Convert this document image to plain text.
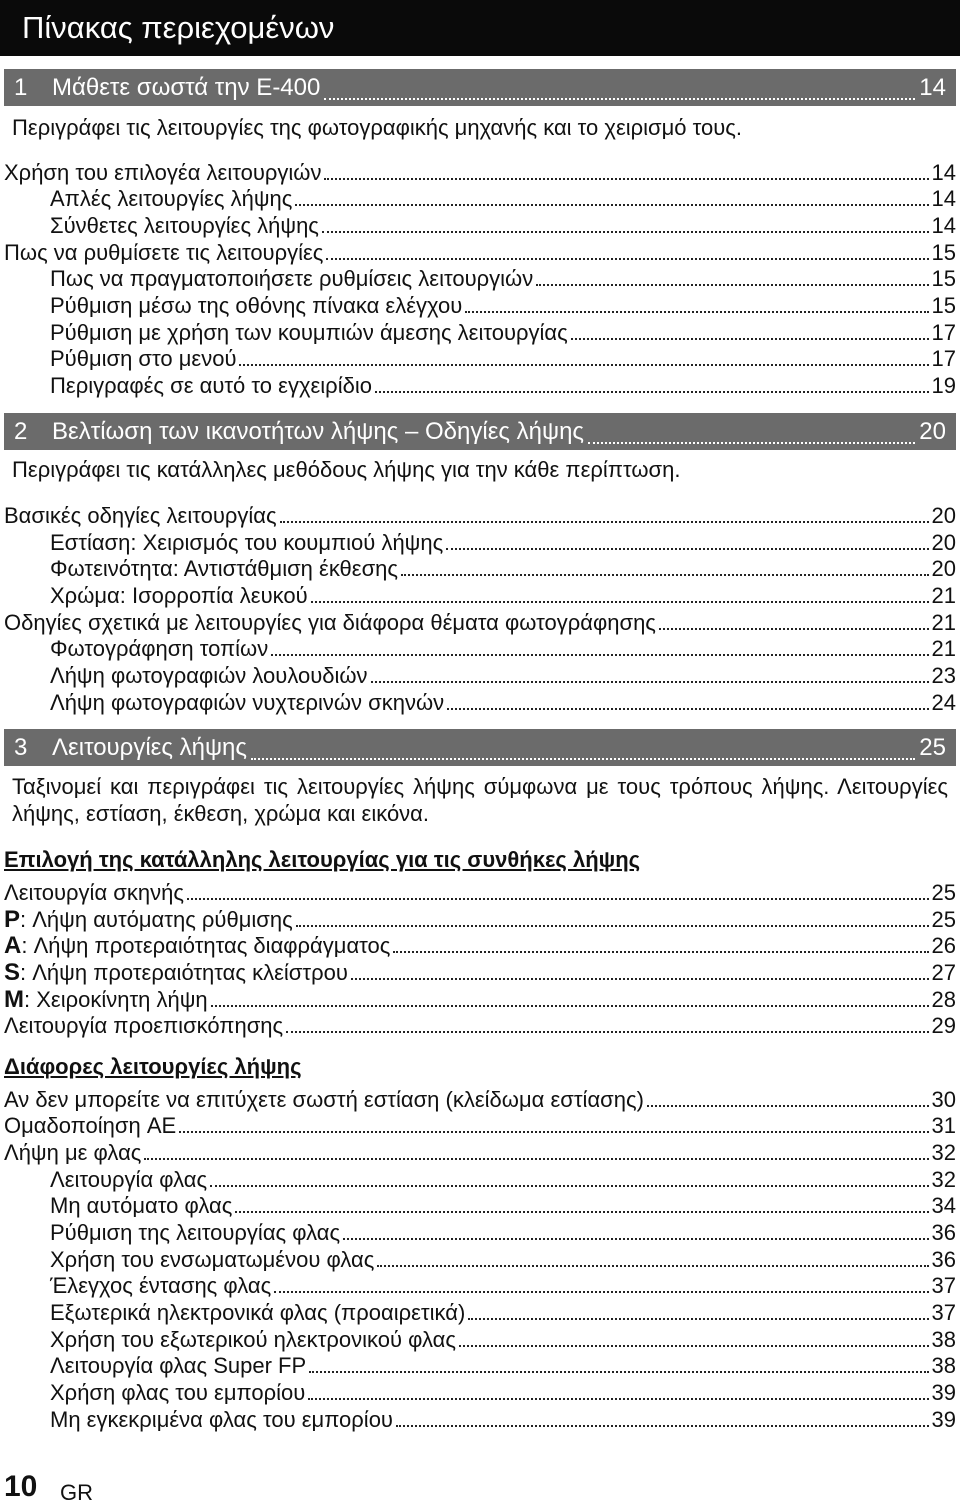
Πίνακας περιεχομένων
1	Μάθετε σωστά την E-400	14
Περιγράφει τις λειτουργίες της φωτογραφικής μηχανής και το χειρισμό τους.
Χρήση του επιλογέα λειτουργιών	14
Απλές λειτουργίες λήψης	14
Σύνθετες λειτουργίες λήψης	14
Πως να ρυθμίσετε τις λειτουργίες	15
Πως να πραγματοποιήσετε ρυθμίσεις λειτουργιών	15
Ρύθμιση μέσω της οθόνης πίνακα ελέγχου	15
Ρύθμιση με χρήση των κουμπιών άμεσης λειτουργίας	17
Ρύθμιση στο μενού	17
Περιγραφές σε αυτό το εγχειρίδιο	19
2	Βελτίωση των ικανοτήτων λήψης – Οδηγίες λήψης	20
Περιγράφει τις κατάλληλες μεθόδους λήψης για την κάθε περίπτωση.
Βασικές οδηγίες λειτουργίας	20
Εστίαση: Χειρισμός του κουμπιού λήψης	20
Φωτεινότητα: Αντιστάθμιση έκθεσης	20
Χρώμα: Ισορροπία λευκού	21
Οδηγίες σχετικά με λειτουργίες για διάφορα θέματα φωτογράφησης	21
Φωτογράφηση τοπίων	21
Λήψη φωτογραφιών λουλουδιών	23
Λήψη φωτογραφιών νυχτερινών σκηνών	24
3	Λειτουργίες λήψης	25
Ταξινομεί και περιγράφει τις λειτουργίες λήψης σύμφωνα με τους τρόπους λήψης. Λειτουργίες λήψης, εστίαση, έκθεση, χρώμα και εικόνα.
Επιλογή της κατάλληλης λειτουργίας για τις συνθήκες λήψης
Λειτουργία σκηνής	25
P: Λήψη αυτόματης ρύθμισης	25
A: Λήψη προτεραιότητας διαφράγματος	26
S: Λήψη προτεραιότητας κλείστρου	27
M: Χειροκίνητη λήψη	28
Λειτουργία προεπισκόπησης	29
Διάφορες λειτουργίες λήψης
Αν δεν μπορείτε να επιτύχετε σωστή εστίαση (κλείδωμα εστίασης)	30
Ομαδοποίηση AE	31
Λήψη με φλας	32
Λειτουργία φλας	32
Μη αυτόματο φλας	34
Ρύθμιση της λειτουργίας φλας	36
Χρήση του ενσωματωμένου φλας	36
Έλεγχος έντασης φλας	37
Εξωτερικά ηλεκτρονικά φλας (προαιρετικά)	37
Χρήση του εξωτερικού ηλεκτρονικού φλας	38
Λειτουργία φλας Super FP	38
Χρήση φλας του εμπορίου	39
Μη εγκεκριμένα φλας του εμπορίου	39
10 GR
